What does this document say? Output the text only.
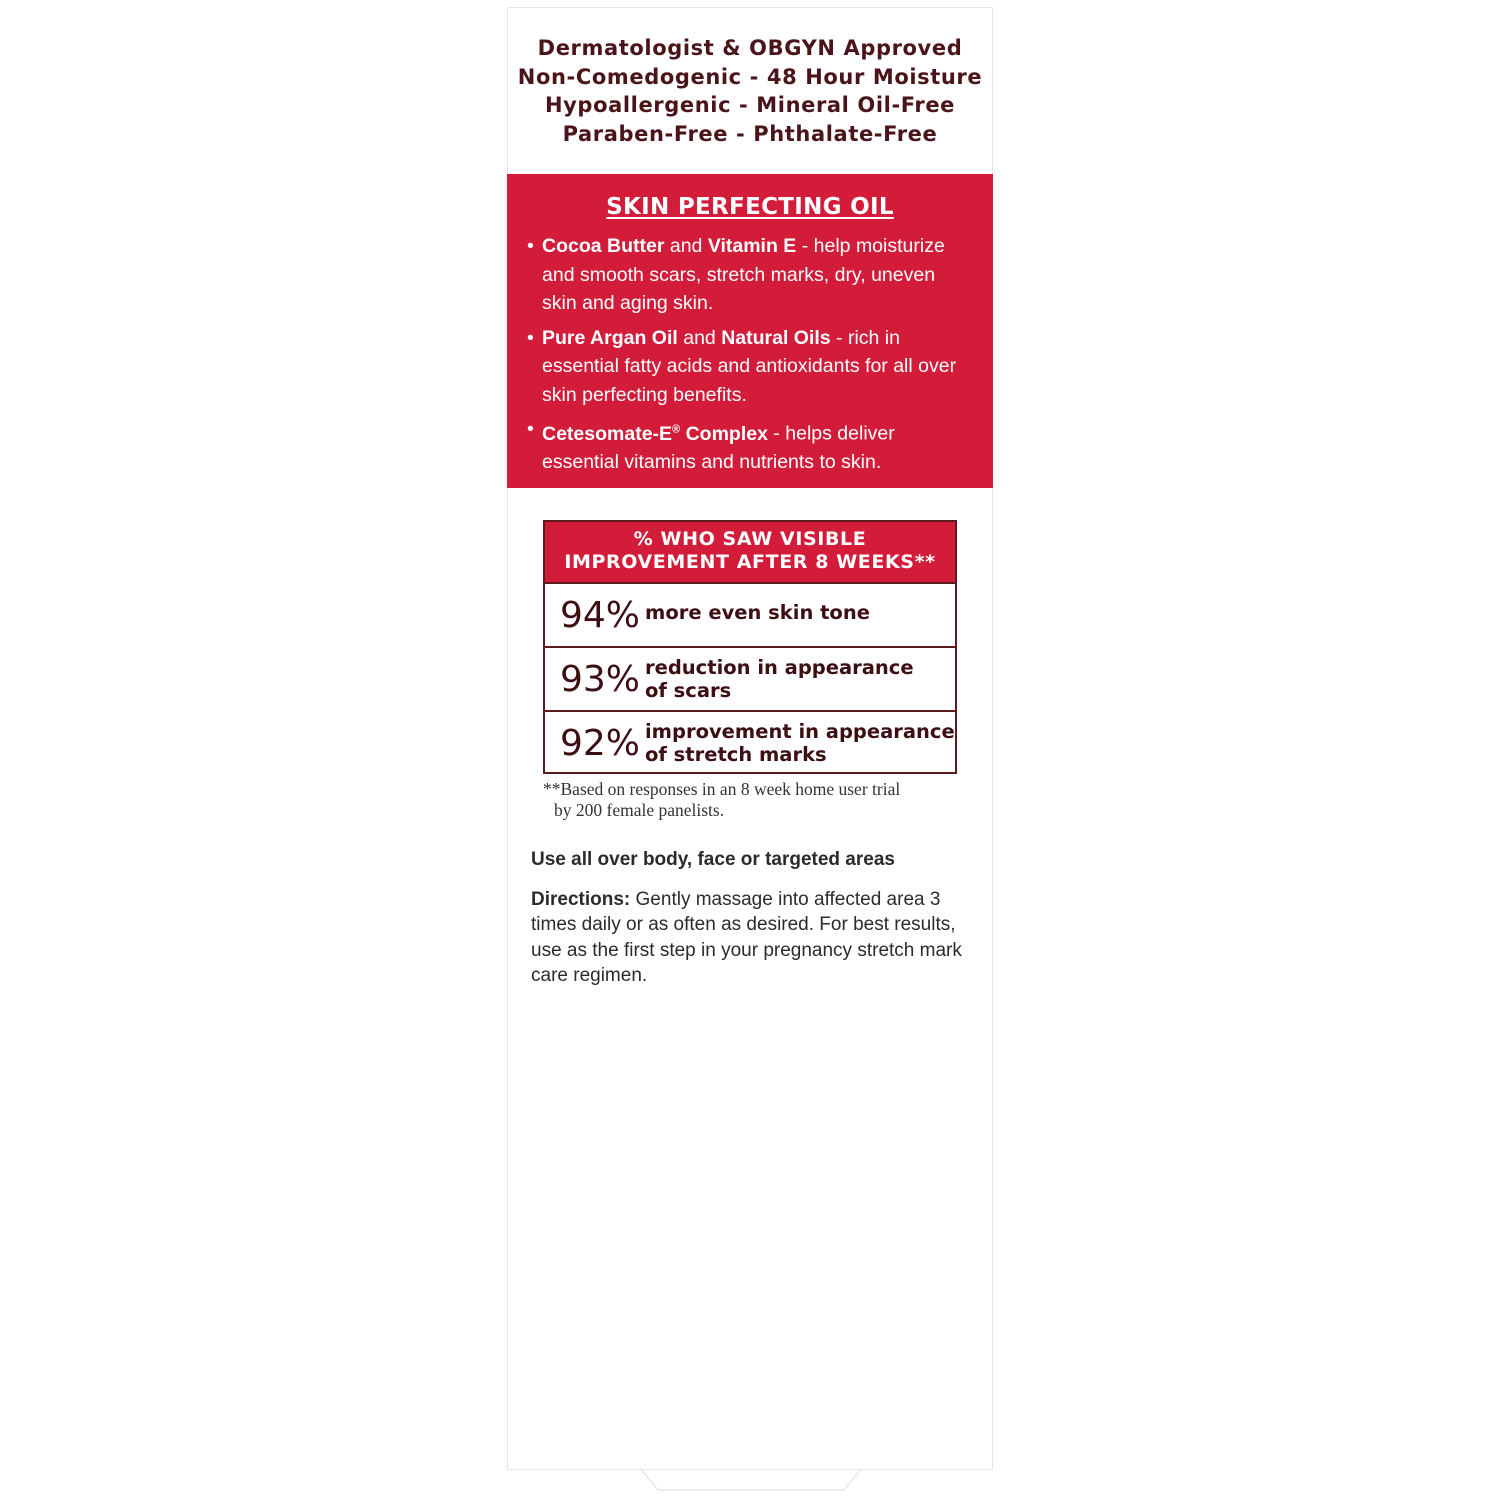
Dermatologist & OBGYN Approved
Non-Comedogenic - 48 Hour Moisture
Hypoallergenic - Mineral Oil-Free
Paraben-Free - Phthalate-Free
SKIN PERFECTING OIL
• Cocoa Butter and Vitamin E - help moisturize and smooth scars, stretch marks, dry, uneven skin and aging skin.
• Pure Argan Oil and Natural Oils - rich in essential fatty acids and antioxidants for all over skin perfecting benefits.
• Cetesomate-E® Complex - helps deliver essential vitamins and nutrients to skin.
% WHO SAW VISIBLE
IMPROVEMENT AFTER 8 WEEKS**
94% more even skin tone
93% reduction in appearance
of scars
92% improvement in appearance
of stretch marks
**Based on responses in an 8 week home user trial
by 200 female panelists.
Use all over body, face or targeted areas
Directions: Gently massage into affected area 3 times daily or as often as desired. For best results, use as the first step in your pregnancy stretch mark care regimen.
